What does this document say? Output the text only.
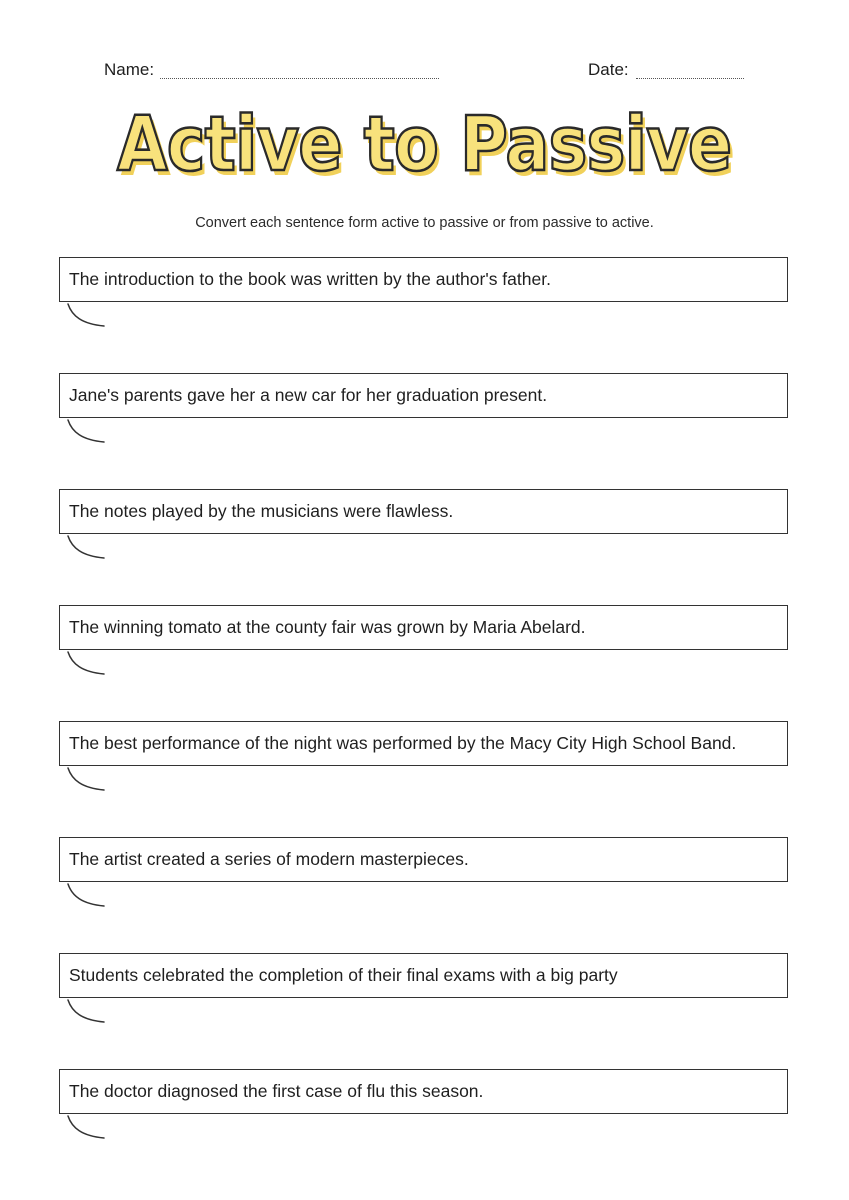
Name:	Date:
Active to Passive
Convert each sentence form active to passive or from passive to active.
The introduction to the book was written by the author's father.
Jane's parents gave her a new car for her graduation present.
The notes played by the musicians were flawless.
The winning tomato at the county fair was grown by Maria Abelard.
The best performance of the night was performed by the Macy City High School Band.
The artist created a series of modern masterpieces.
Students celebrated the completion of their final exams with a big party
The doctor diagnosed the first case of flu this season.
